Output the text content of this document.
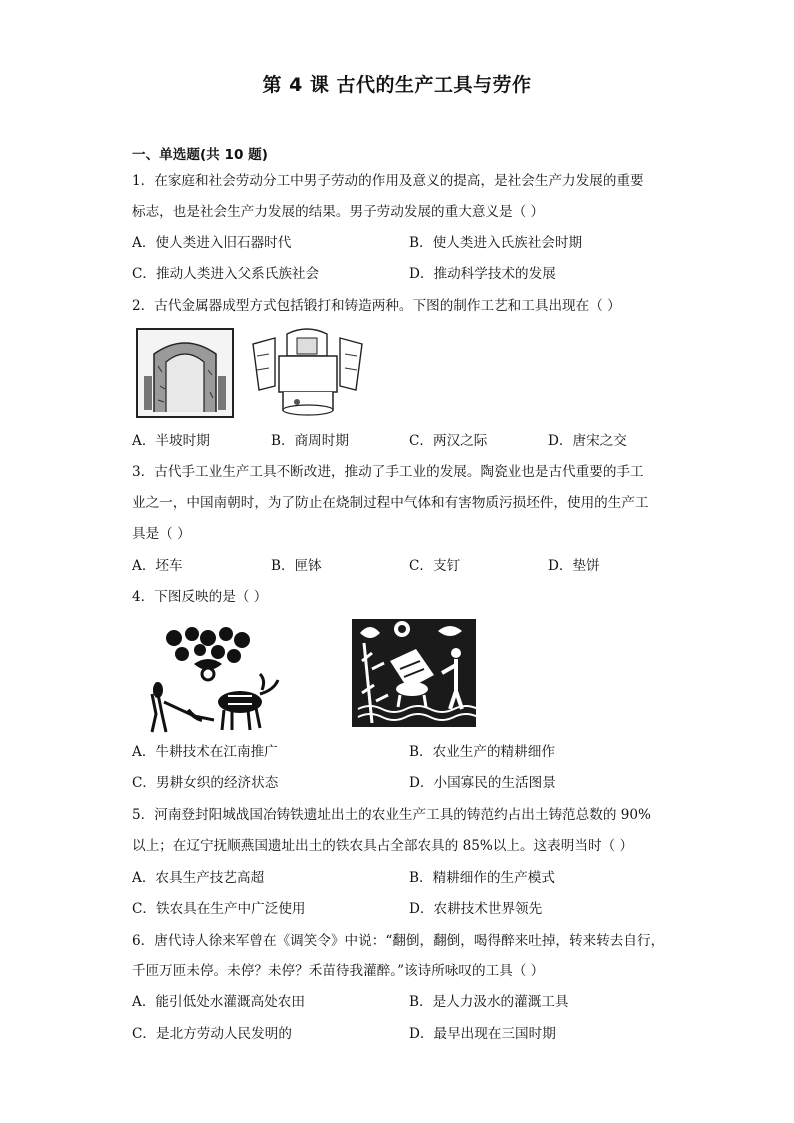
第 4 课 古代的生产工具与劳作
一、单选题(共 10 题)
1．在家庭和社会劳动分工中男子劳动的作用及意义的提高，是社会生产力发展的重要
标志，也是社会生产力发展的结果。男子劳动发展的重大意义是（ ）
A．使人类进入旧石器时代	B．使人类进入氏族社会时期
C．推动人类进入父系氏族社会	D．推动科学技术的发展
2．古代金属器成型方式包括锻打和铸造两种。下图的制作工艺和工具出现在（ ）
A．半坡时期	B．商周时期	C．两汉之际	D．唐宋之交
3．古代手工业生产工具不断改进，推动了手工业的发展。陶瓷业也是古代重要的手工
业之一，中国南朝时，为了防止在烧制过程中气体和有害物质污损坯件，使用的生产工
具是（ ）
A．坯车	B．匣钵	C．支钉	D．垫饼
4．下图反映的是（ ）
A．牛耕技术在江南推广	B．农业生产的精耕细作
C．男耕女织的经济状态	D．小国寡民的生活图景
5．河南登封阳城战国冶铸铁遗址出土的农业生产工具的铸范约占出土铸范总数的 90%
以上；在辽宁抚顺燕国遗址出土的铁农具占全部农具的 85%以上。这表明当时（ ）
A．农具生产技艺高超	B．精耕细作的生产模式
C．铁农具在生产中广泛使用	D．农耕技术世界领先
6．唐代诗人徐来军曾在《调笑令》中说：“翻倒，翻倒，喝得醉来吐掉，转来转去自行，
千匝万匝未停。未停？未停？禾苗待我灌醉。”该诗所咏叹的工具（ ）
A．能引低处水灌溉高处农田	B．是人力汲水的灌溉工具
C．是北方劳动人民发明的	D．最早出现在三国时期
